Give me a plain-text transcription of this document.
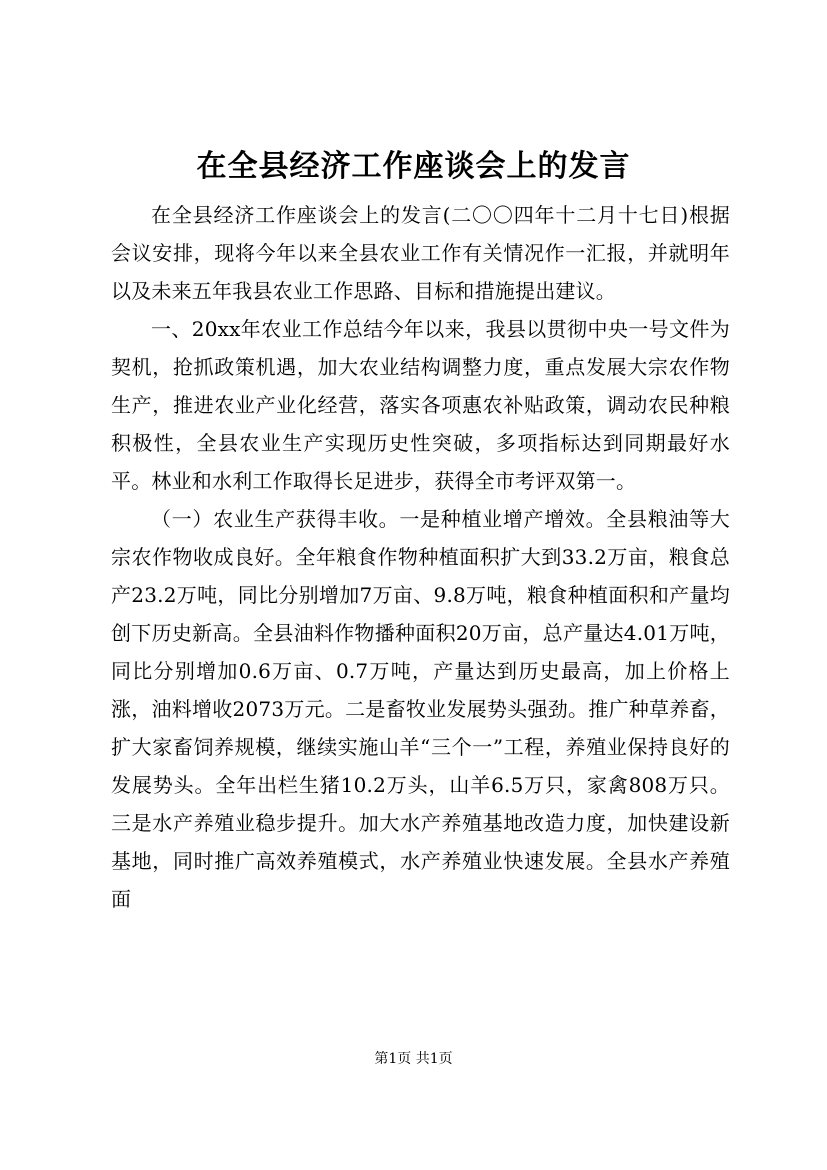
在全县经济工作座谈会上的发言

在全县经济工作座谈会上的发言(二〇〇四年十二月十七日)根据会议安排，现将今年以来全县农业工作有关情况作一汇报，并就明年以及未来五年我县农业工作思路、目标和措施提出建议。

一、20xx年农业工作总结今年以来，我县以贯彻中央一号文件为契机，抢抓政策机遇，加大农业结构调整力度，重点发展大宗农作物生产，推进农业产业化经营，落实各项惠农补贴政策，调动农民种粮积极性，全县农业生产实现历史性突破，多项指标达到同期最好水平。林业和水利工作取得长足进步，获得全市考评双第一。

（一）农业生产获得丰收。一是种植业增产增效。全县粮油等大宗农作物收成良好。全年粮食作物种植面积扩大到33.2万亩，粮食总产23.2万吨，同比分别增加7万亩、9.8万吨，粮食种植面积和产量均创下历史新高。全县油料作物播种面积20万亩，总产量达4.01万吨，同比分别增加0.6万亩、0.7万吨，产量达到历史最高，加上价格上涨，油料增收2073万元。二是畜牧业发展势头强劲。推广种草养畜，扩大家畜饲养规模，继续实施山羊“三个一”工程，养殖业保持良好的发展势头。全年出栏生猪10.2万头，山羊6.5万只，家禽808万只。三是水产养殖业稳步提升。加大水产养殖基地改造力度，加快建设新基地，同时推广高效养殖模式，水产养殖业快速发展。全县水产养殖面

第1页 共1页
